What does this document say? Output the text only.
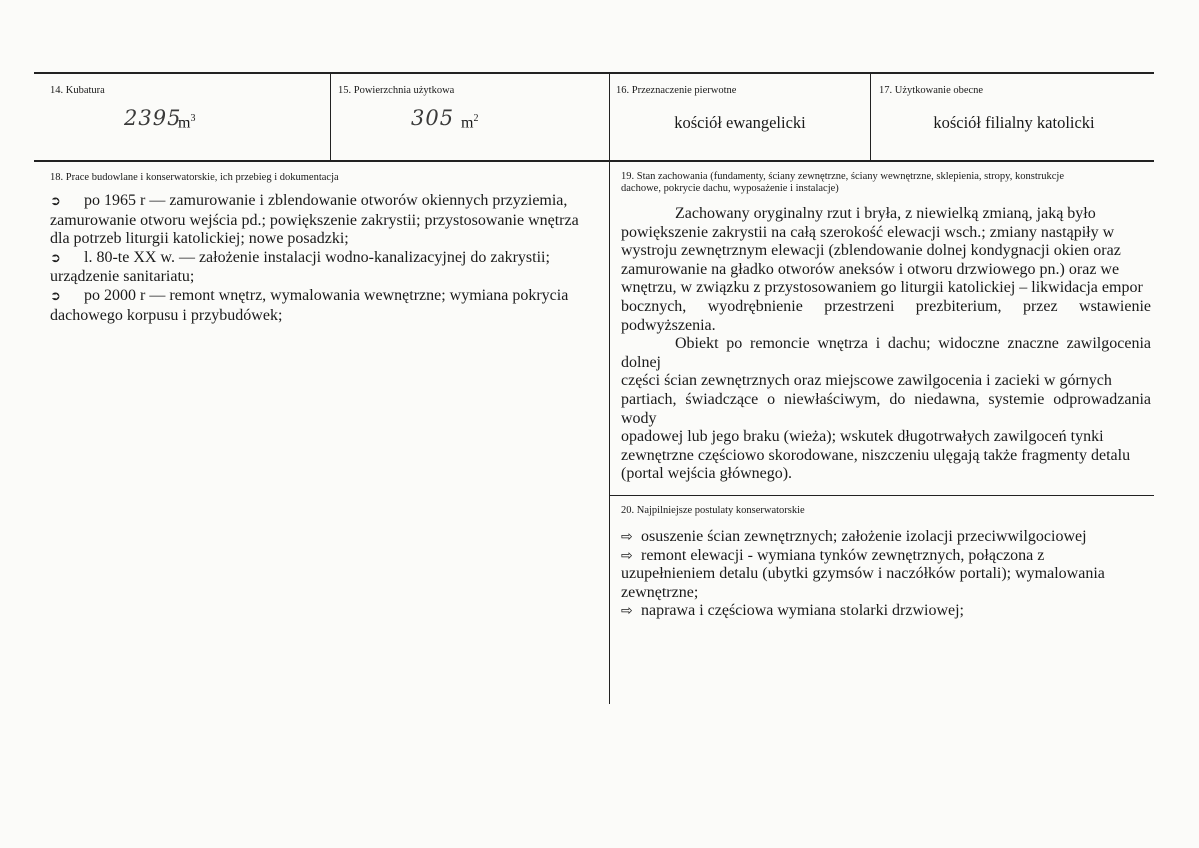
14. Kubatura
2395
$m^3$
15. Powierzchnia użytkowa
305 $m^2$
16. Przeznaczenie pierwotne
kościół ewangelicki
17. Użytkowanie obecne
kościół filialny katolicki
18. Prace budowlane i konserwatorskie, ich przebieg i dokumentacja

➲ po 1965 r — zamurowanie i zblendowanie otworów okiennych przyziemia,

zamurowanie otworu wejścia pd.; powiększenie zakrystii; przystosowanie wnętrza

dla potrzeb liturgii katolickiej; nowe posadzki;

➲ l. 80-te XX w. — założenie instalacji wodno-kanalizacyjnej do zakrystii;

urządzenie sanitariatu;

➲ po 2000 r — remont wnętrz, wymalowania wewnętrzne; wymiana pokrycia

dachowego korpusu i przybudówek;

19. Stan zachowania (fundamenty, ściany zewnętrzne, ściany wewnętrzne, sklepienia, stropy, konstrukcje
dachowe, pokrycie dachu, wyposażenie i instalacje)

Zachowany oryginalny rzut i bryła, z niewielką zmianą, jaką było

powiększenie zakrystii na całą szerokość elewacji wsch.; zmiany nastąpiły w

wystroju zewnętrznym elewacji (zblendowanie dolnej kondygnacji okien oraz

zamurowanie na gładko otworów aneksów i otworu drzwiowego pn.) oraz we

wnętrzu, w związku z przystosowaniem go liturgii katolickiej – likwidacja empor

bocznych, wyodrębnienie przestrzeni prezbiterium, przez wstawienie podwyższenia.

Obiekt po remoncie wnętrza i dachu; widoczne znaczne zawilgocenia dolnej

części ścian zewnętrznych oraz miejscowe zawilgocenia i zacieki w górnych

partiach, świadczące o niewłaściwym, do niedawna, systemie odprowadzania wody

opadowej lub jego braku (wieża); wskutek długotrwałych zawilgoceń tynki

zewnętrzne częściowo skorodowane, niszczeniu ulęgają także fragmenty detalu

(portal wejścia głównego).

20. Najpilniejsze postulaty konserwatorskie

⇨ osuszenie ścian zewnętrznych; założenie izolacji przeciwwilgociowej

⇨ remont elewacji - wymiana tynków zewnętrznych, połączona z

uzupełnieniem detalu (ubytki gzymsów i naczółków portali); wymalowania

zewnętrzne;

⇨ naprawa i częściowa wymiana stolarki drzwiowej;
